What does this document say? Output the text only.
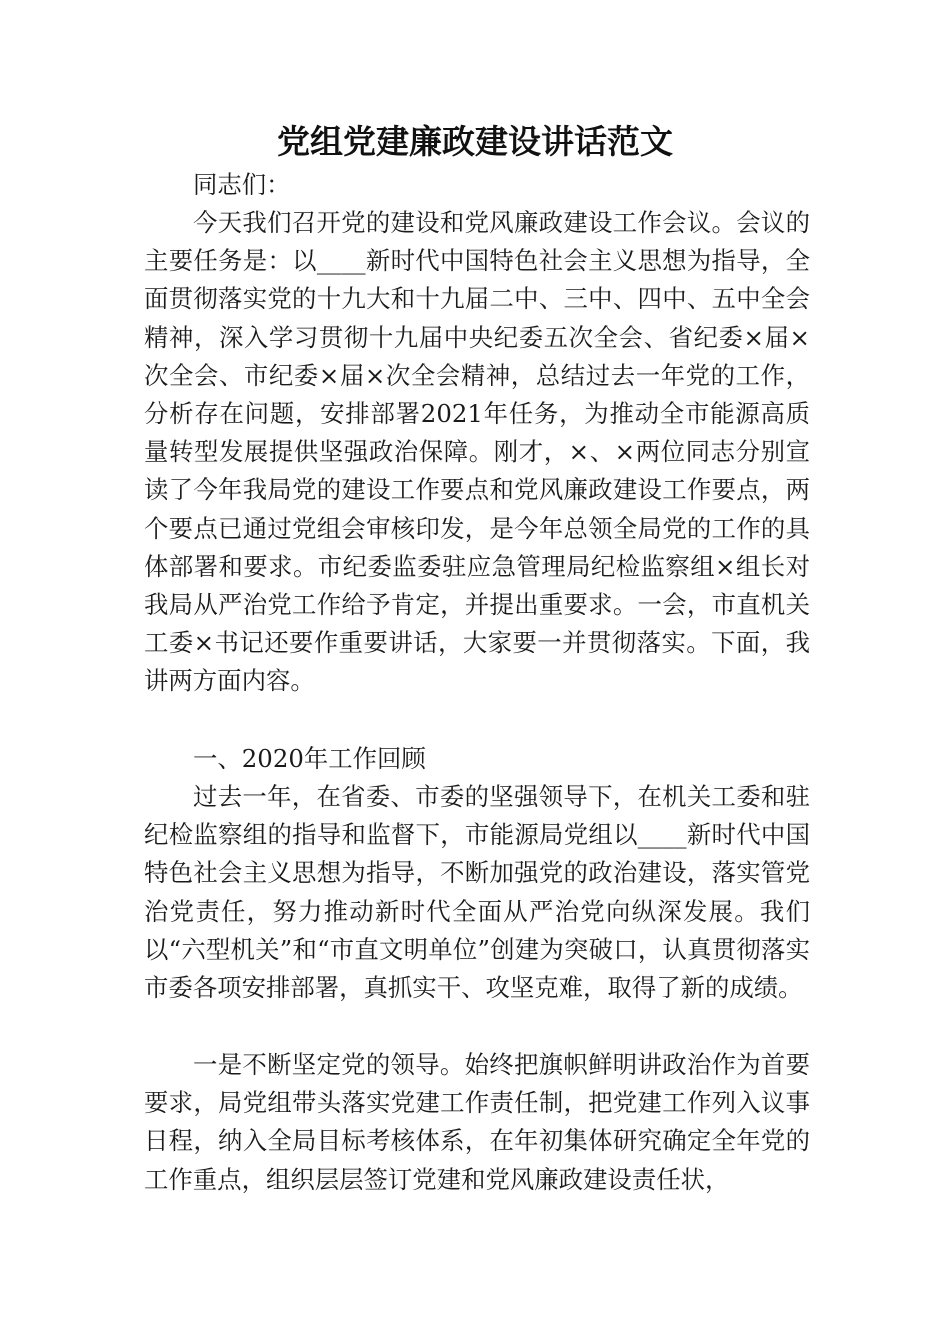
党组党建廉政建设讲话范文

同志们：

今天我们召开党的建设和党风廉政建设工作会议。会议的主要任务是：以____新时代中国特色社会主义思想为指导，全面贯彻落实党的十九大和十九届二中、三中、四中、五中全会精神，深入学习贯彻十九届中央纪委五次全会、省纪委×届×次全会、市纪委×届×次全会精神，总结过去一年党的工作，分析存在问题，安排部署2021年任务，为推动全市能源高质量转型发展提供坚强政治保障。刚才，×、×两位同志分别宣读了今年我局党的建设工作要点和党风廉政建设工作要点，两个要点已通过党组会审核印发，是今年总领全局党的工作的具体部署和要求。市纪委监委驻应急管理局纪检监察组×组长对我局从严治党工作给予肯定，并提出重要求。一会，市直机关工委×书记还要作重要讲话，大家要一并贯彻落实。下面，我讲两方面内容。

一、2020年工作回顾

过去一年，在省委、市委的坚强领导下，在机关工委和驻纪检监察组的指导和监督下，市能源局党组以____新时代中国特色社会主义思想为指导，不断加强党的政治建设，落实管党治党责任，努力推动新时代全面从严治党向纵深发展。我们以“六型机关”和“市直文明单位”创建为突破口，认真贯彻落实市委各项安排部署，真抓实干、攻坚克难，取得了新的成绩。

一是不断坚定党的领导。始终把旗帜鲜明讲政治作为首要要求，局党组带头落实党建工作责任制，把党建工作列入议事日程，纳入全局目标考核体系，在年初集体研究确定全年党的工作重点，组织层层签订党建和党风廉政建设责任状，
